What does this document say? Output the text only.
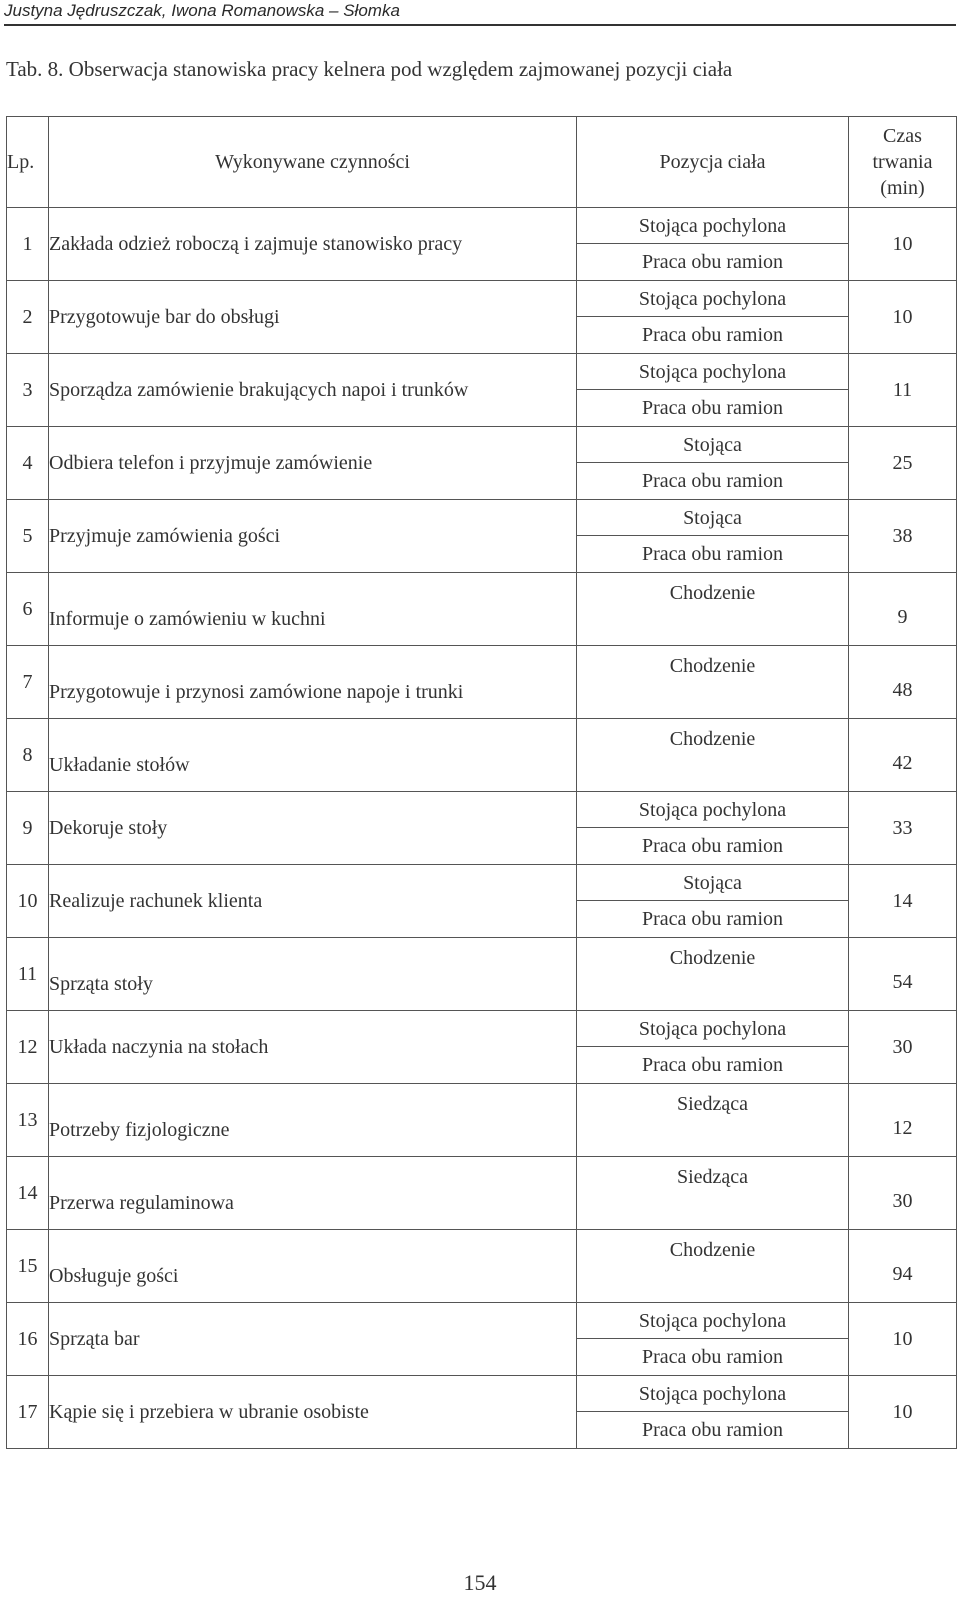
Justyna Jędruszczak, Iwona Romanowska – Słomka
Tab. 8. Obserwacja stanowiska pracy kelnera pod względem zajmowanej pozycji ciała
Lp.	Wykonywane czynności	Pozycja ciała	Czas
trwania
(min)

1	Zakłada odzież roboczą i zajmuje stanowisko pracy	Stojąca pochylona
Praca obu ramion	10
2	Przygotowuje bar do obsługi	Stojąca pochylona
Praca obu ramion	10
3	Sporządza zamówienie brakujących napoi i trunków	Stojąca pochylona
Praca obu ramion	11
4	Odbiera telefon i przyjmuje zamówienie	Stojąca
Praca obu ramion	25
5	Przyjmuje zamówienia gości	Stojąca
Praca obu ramion	38
6	Informuje o zamówieniu w kuchni	Chodzenie	9
7	Przygotowuje i przynosi zamówione napoje i trunki	Chodzenie	48
8	Układanie stołów	Chodzenie	42
9	Dekoruje stoły	Stojąca pochylona
Praca obu ramion	33
10	Realizuje rachunek klienta	Stojąca
Praca obu ramion	14
11	Sprząta stoły	Chodzenie	54
12	Układa naczynia na stołach	Stojąca pochylona
Praca obu ramion	30
13	Potrzeby fizjologiczne	Siedząca	12
14	Przerwa regulaminowa	Siedząca	30
15	Obsługuje gości	Chodzenie	94
16	Sprząta bar	Stojąca pochylona
Praca obu ramion	10
17	Kąpie się i przebiera w ubranie osobiste	Stojąca pochylona
Praca obu ramion	10
154
